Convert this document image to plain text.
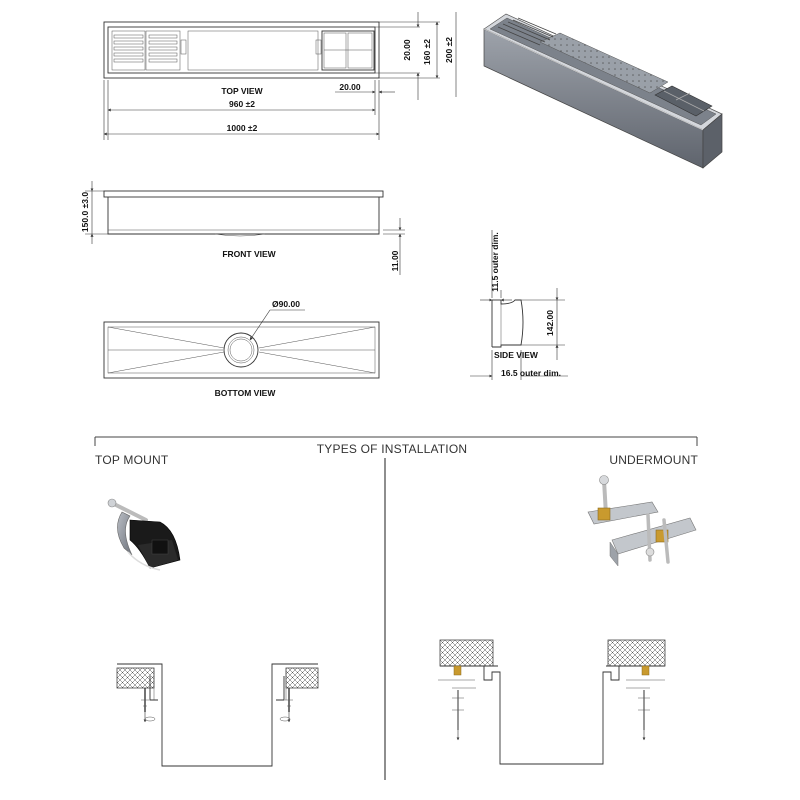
TOP VIEW
20.00 160 ±2 200 ±2
20.00
960 ±2
1000 ±2
150.0 ±3.0
11.00
FRONT VIEW
Ø90.00
BOTTOM VIEW
11.5 outer dim.
142.00
SIDE VIEW
16.5 outer dim.
TYPES OF INSTALLATION
TOP MOUNT	UNDERMOUNT
